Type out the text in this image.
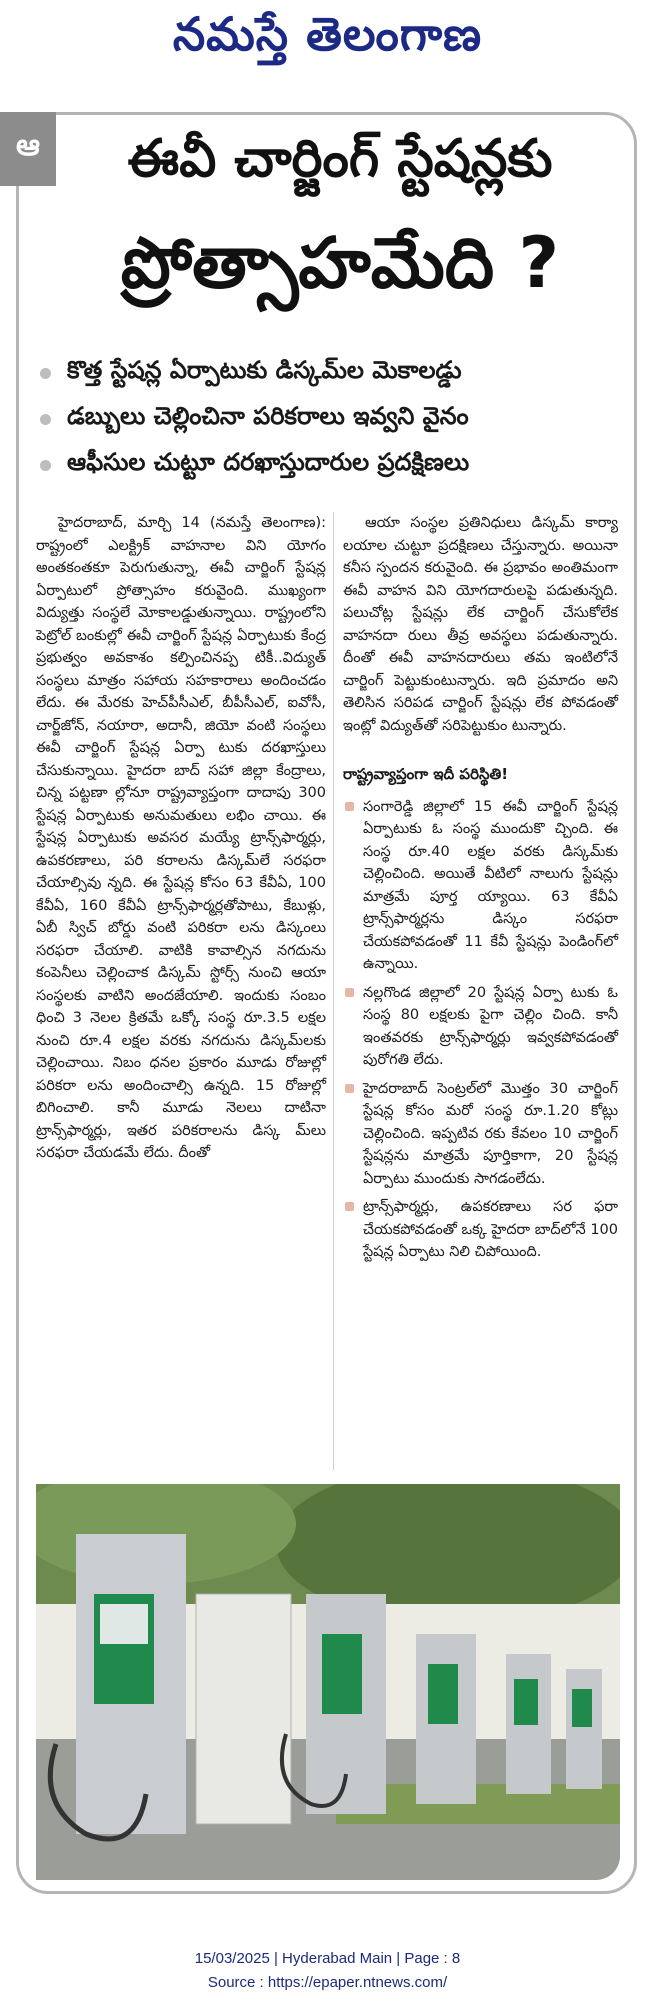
నమస్తే తెలంగాణ
ఆ	ఈవీ చార్జింగ్ స్టేషన్లకు
ప్రోత్సాహమేది ?
కొత్త స్టేషన్ల ఏర్పాటుకు డిస్కమ్‌ల మెకాలడ్డు
డబ్బులు చెల్లించినా పరికరాలు ఇవ్వని వైనం
ఆఫీసుల చుట్టూ దరఖాస్తుదారుల ప్రదక్షిణలు

హైదరాబాద్, మార్చి 14 (నమస్తే తెలంగాణ): రాష్ట్రంలో ఎలక్ట్రిక్ వాహనాల విని యోగం అంతకంతకూ పెరుగుతున్నా, ఈవీ చార్జింగ్ స్టేషన్ల ఏర్పాటులో ప్రోత్సాహం కరువైంది. ముఖ్యంగా విద్యుత్తు సంస్థలే మోకాలడ్డుతున్నాయి. రాష్ట్రంలోని పెట్రోల్ బంకుల్లో ఈవీ చార్జింగ్ స్టేషన్ల ఏర్పాటుకు కేంద్ర ప్రభుత్వం అవకాశం కల్పించినప్ప టికీ..విద్యుత్ సంస్థలు మాత్రం సహాయ సహకారాలు అందించడం లేదు. ఈ మేరకు హెచ్‌పీసీఎల్, బీపీసీఎల్, ఐవోసీ, చార్జ్‌జోన్, నయారా, అదానీ, జియో వంటి సంస్థలు ఈవీ చార్జింగ్ స్టేషన్ల ఏర్పా టుకు దరఖాస్తులు చేసుకున్నాయి. హైదరా బాద్ సహా జిల్లా కేంద్రాలు, చిన్న పట్టణా ల్లోనూ రాష్ట్రవ్యాప్తంగా దాదాపు 300 స్టేషన్ల ఏర్పాటుకు అనుమతులు లభిం చాయి. ఈ స్టేషన్ల ఏర్పాటుకు అవసర మయ్యే ట్రాన్స్‌ఫార్మర్లు, ఉపకరణాలు, పరి కరాలను డిస్కమ్‌లే సరఫరా చేయాల్సివు న్నది. ఈ స్టేషన్ల కోసం 63 కేవీఏ, 100 కేవీఏ, 160 కేవీఏ ట్రాన్స్‌ఫార్మర్లతోపాటు, కేబుళ్లు, ఏబీ స్విచ్ బోర్డు వంటి పరికరా లను డిస్కంలు సరఫరా చేయాలి. వాటికి కావాల్సిన నగదును కంపెనీలు చెల్లించాక డిస్కమ్ స్టోర్స్ నుంచి ఆయా సంస్థలకు వాటిని అందజేయాలి. ఇందుకు సంబం ధించి 3 నెలల క్రితమే ఒక్కో సంస్థ రూ.3.5 లక్షల నుంచి రూ.4 లక్షల వరకు నగదును డిస్కమ్‌లకు చెల్లించాయి. నిబం ధనల ప్రకారం మూడు రోజుల్లో పరికరా లను అందించాల్సి ఉన్నది. 15 రోజుల్లో బిగించాలి. కానీ మూడు నెలలు దాటినా ట్రాన్స్‌ఫార్మర్లు, ఇతర పరికరాలను డిస్క మ్‌లు సరఫరా చేయడమే లేదు. దీంతో

ఆయా సంస్థల ప్రతినిధులు డిస్కమ్ కార్యా లయాల చుట్టూ ప్రదక్షిణలు చేస్తున్నారు. అయినా కనీస స్పందన కరువైంది. ఈ ప్రభావం అంతిమంగా ఈవీ వాహన విని యోగదారులపై పడుతున్నది. పలుచోట్ల స్టేషన్లు లేక చార్జింగ్ చేసుకోలేక వాహనదా రులు తీవ్ర అవస్థలు పడుతున్నారు. దీంతో ఈవీ వాహనదారులు తమ ఇంటిలోనే చార్జింగ్ పెట్టుకుంటున్నారు. ఇది ప్రమాదం అని తెలిసిన సరిపడ చార్జింగ్ స్టేషన్లు లేక పోవడంతో ఇంట్లో విద్యుత్‌తో సరిపెట్టుకుం టున్నారు.

రాష్ట్రవ్యాప్తంగా ఇదీ పరిస్థితి!
సంగారెడ్డి జిల్లాలో 15 ఈవీ చార్జింగ్ స్టేషన్ల ఏర్పాటుకు ఓ సంస్థ ముందుకొ చ్చింది. ఈ సంస్థ రూ.40 లక్షల వరకు డిస్కమ్‌కు చెల్లించింది. అయితే వీటిలో నాలుగు స్టేషన్లు మాత్రమే పూర్త య్యాయి. 63 కేవీఏ ట్రాన్స్‌ఫార్మర్లను డిస్కం సరఫరా చేయకపోవడంతో 11 కేవీ స్టేషన్లు పెండింగ్‌లో ఉన్నాయి.
నల్లగొండ జిల్లాలో 20 స్టేషన్ల ఏర్పా టుకు ఓ సంస్థ 80 లక్షలకు పైగా చెల్లిం చింది. కానీ ఇంతవరకు ట్రాన్స్‌ఫార్మర్లు ఇవ్వకపోవడంతో పురోగతి లేదు.
హైదరాబాద్ సెంట్రల్‌లో మొత్తం 30 చార్జింగ్ స్టేషన్ల కోసం మరో సంస్థ రూ.1.20 కోట్లు చెల్లించింది. ఇప్పటివ రకు కేవలం 10 చార్జింగ్ స్టేషన్లను మాత్రమే పూర్తికాగా, 20 స్టేషన్ల ఏర్పాటు ముందుకు సాగడంలేదు.
ట్రాన్స్‌ఫార్మర్లు, ఉపకరణాలు సర ఫరా చేయకపోవడంతో ఒక్క హైదరా బాద్‌లోనే 100 స్టేషన్ల ఏర్పాటు నిలి చిపోయింది.
15/03/2025 | Hyderabad Main | Page : 8
Source : https://epaper.ntnews.com/
